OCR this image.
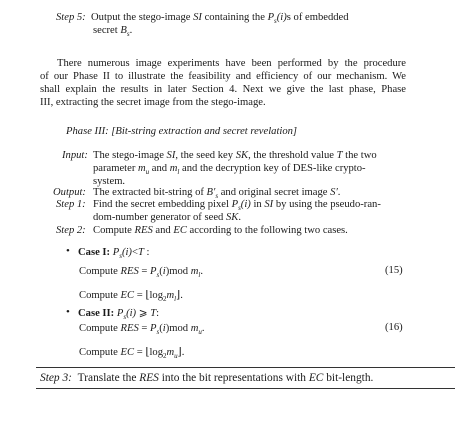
Step 5:  Output the stego-image SI containing the $P_s(i)s$ of embedded
secret $B_s$.
There numerous image experiments have been performed by the procedure
of our Phase II to illustrate the feasibility and efficiency of our mechanism. We
shall explain the results in later Section 4. Next we give the last phase, Phase
III, extracting the secret image from the stego-image.
Phase III: [Bit-string extraction and secret revelation]
Input: The stego-image SI, the seed key SK, the threshold value T the two
parameter $m_u$ and $m_l$ and the decryption key of DES-like crypto-
system.
Output: The extracted bit-string of $B'_s$ and original secret image S′.
Step 1: Find the secret embedding pixel $P_s(i)$ in SI by using the pseudo-ran-
dom-number generator of seed SK.
Step 2: Compute RES and EC according to the following two cases.
• Case I: $P_s(i)<T$ :
Compute RES = $P_s(i)mod$ $m_l$.	(15)
Compute EC = $⌊\log_2m_l⌋$.
• Case II: $P_s(i)$ ⩾ T:
Compute RES = $P_s(i)mod$ $m_u$.	(16)
Compute EC = $⌊\log_2m_u⌋$.
Step 3:  Translate the RES into the bit representations with EC bit-length.
